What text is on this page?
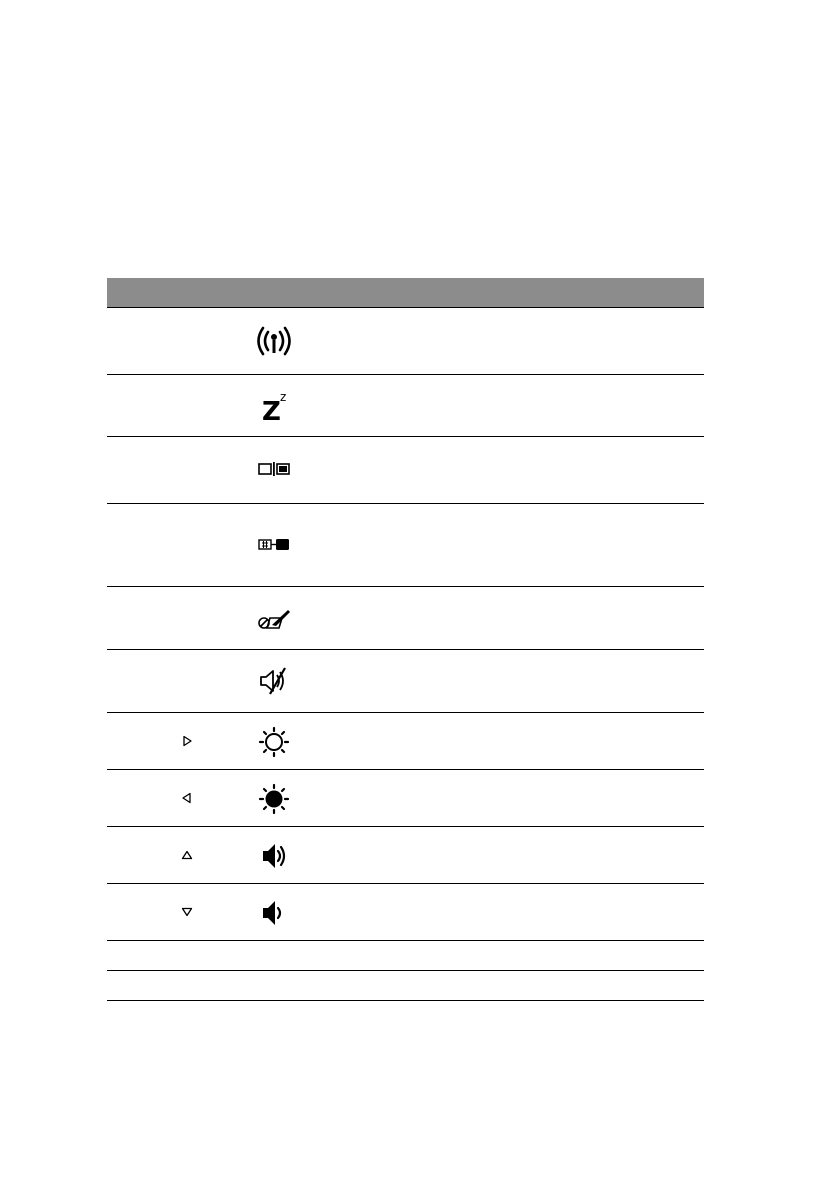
Z z
